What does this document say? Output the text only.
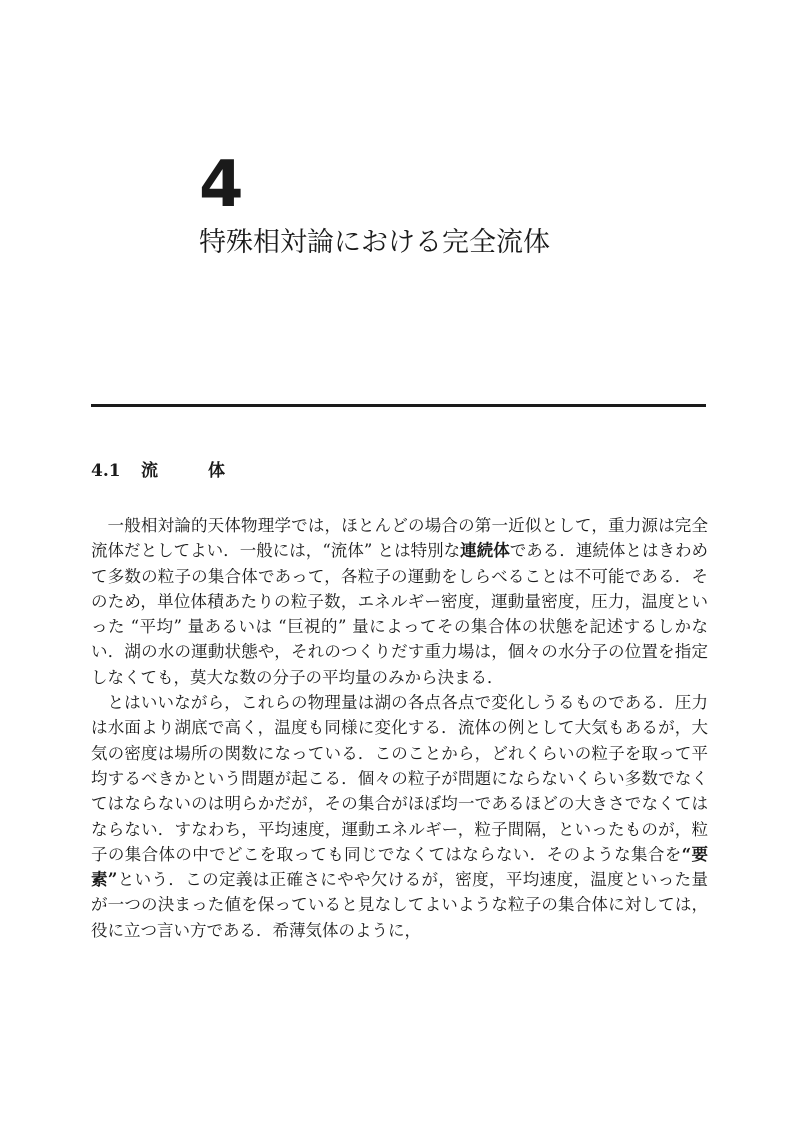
4
特殊相対論における完全流体
4.1 流体

一般相対論的天体物理学では，ほとんどの場合の第一近似として，重力源は完全流体だとしてよい．一般には，“流体” とは特別な連続体である．連続体とはきわめて多数の粒子の集合体であって，各粒子の運動をしらべることは不可能である．そのため，単位体積あたりの粒子数，エネルギー密度，運動量密度，圧力，温度といった “平均” 量あるいは “巨視的” 量によってその集合体の状態を記述するしかない．湖の水の運動状態や，それのつくりだす重力場は，個々の水分子の位置を指定しなくても，莫大な数の分子の平均量のみから決まる．

とはいいながら，これらの物理量は湖の各点各点で変化しうるものである．圧力は水面より湖底で高く，温度も同様に変化する．流体の例として大気もあるが，大気の密度は場所の関数になっている．このことから，どれくらいの粒子を取って平均するべきかという問題が起こる．個々の粒子が問題にならないくらい多数でなくてはならないのは明らかだが，その集合がほぼ均一であるほどの大きさでなくてはならない．すなわち，平均速度，運動エネルギー，粒子間隔，といったものが，粒子の集合体の中でどこを取っても同じでなくてはならない．そのような集合を“要素”という．この定義は正確さにやや欠けるが，密度，平均速度，温度といった量が一つの決まった値を保っていると見なしてよいような粒子の集合体に対しては，役に立つ言い方である．希薄気体のように，
